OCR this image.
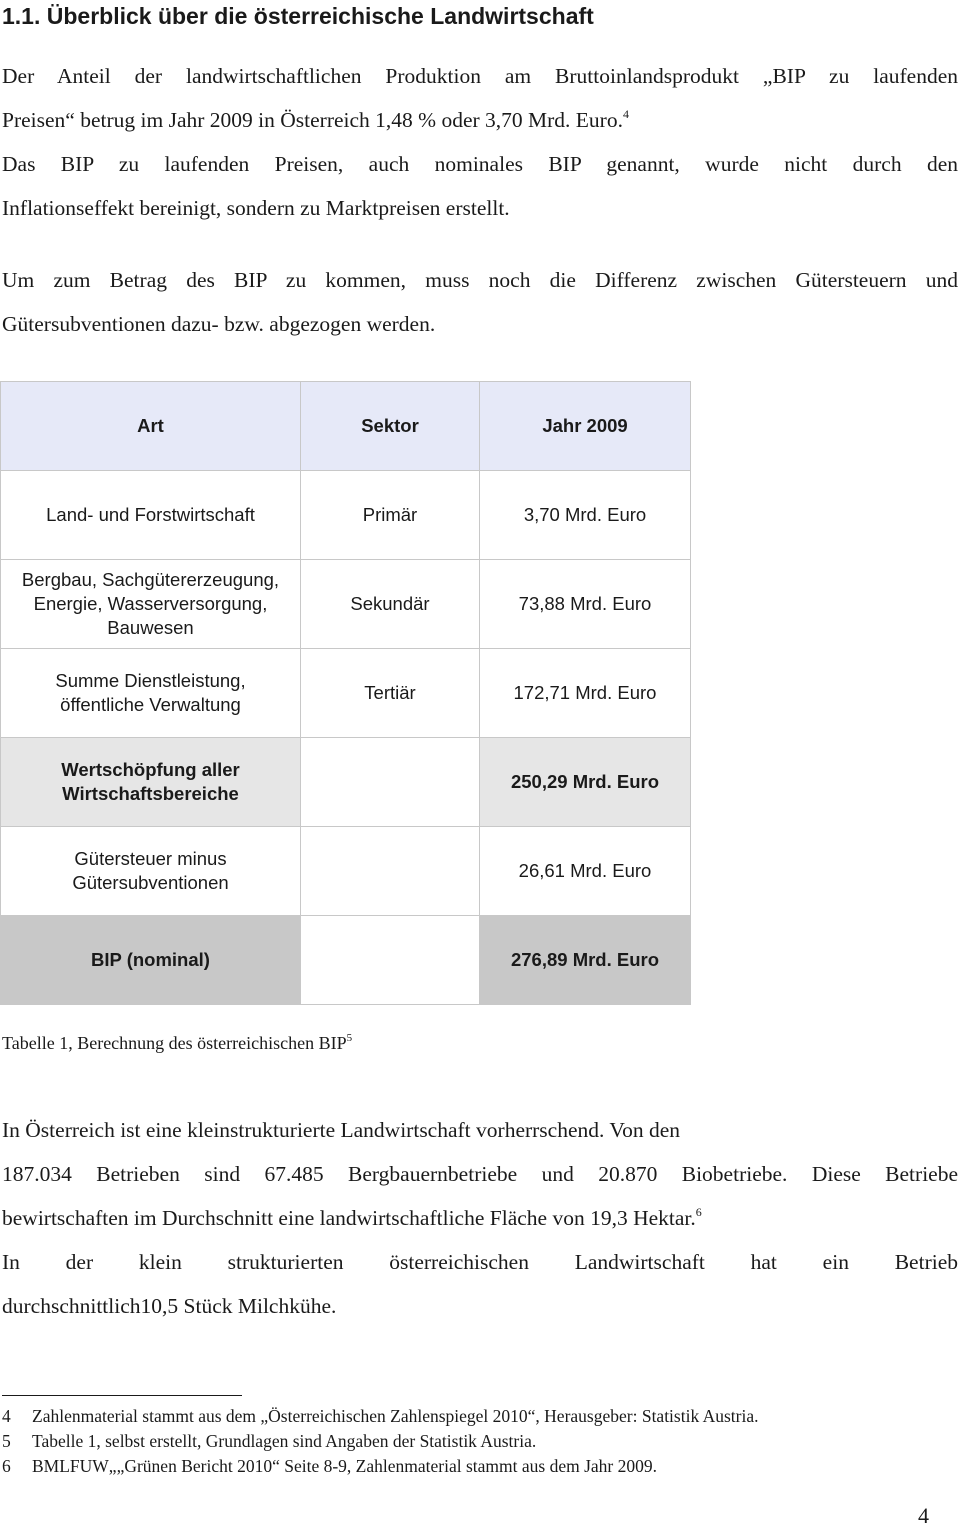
1.1. Überblick über die österreichische Landwirtschaft
Der Anteil der landwirtschaftlichen Produktion am Bruttoinlandsprodukt „BIP zu laufenden
Preisen“ betrug im Jahr 2009 in Österreich 1,48 % oder 3,70 Mrd. Euro.$^4$
Das BIP zu laufenden Preisen, auch nominales BIP genannt, wurde nicht durch den
Inflationseffekt bereinigt, sondern zu Marktpreisen erstellt.
Um zum Betrag des BIP zu kommen, muss noch die Differenz zwischen Gütersteuern und
Gütersubventionen dazu- bzw. abgezogen werden.
Art	Sektor	Jahr 2009
Land- und Forstwirtschaft	Primär	3,70 Mrd. Euro
Bergbau, Sachgütererzeugung,
Energie, Wasserversorgung,
Bauwesen	Sekundär	73,88 Mrd. Euro
Summe Dienstleistung,
öffentliche Verwaltung	Tertiär	172,71 Mrd. Euro
Wertschöpfung aller
Wirtschaftsbereiche		250,29 Mrd. Euro
Gütersteuer minus
Gütersubventionen		26,61 Mrd. Euro
BIP (nominal)		276,89 Mrd. Euro

Tabelle 1, Berechnung des österreichischen BIP$^5$

In Österreich ist eine kleinstrukturierte Landwirtschaft vorherrschend. Von den
187.034 Betrieben sind 67.485 Bergbauernbetriebe und 20.870 Biobetriebe. Diese Betriebe
bewirtschaften im Durchschnitt eine landwirtschaftliche Fläche von 19,3 Hektar.$^6$
In der klein strukturierten österreichischen Landwirtschaft hat ein Betrieb
durchschnittlich10,5 Stück Milchkühe.
4 Zahlenmaterial stammt aus dem „Österreichischen Zahlenspiegel 2010“, Herausgeber: Statistik Austria.
5 Tabelle 1, selbst erstellt, Grundlagen sind Angaben der Statistik Austria.
6 BMLFUW„„Grünen Bericht 2010“ Seite 8-9, Zahlenmaterial stammt aus dem Jahr 2009.
4
